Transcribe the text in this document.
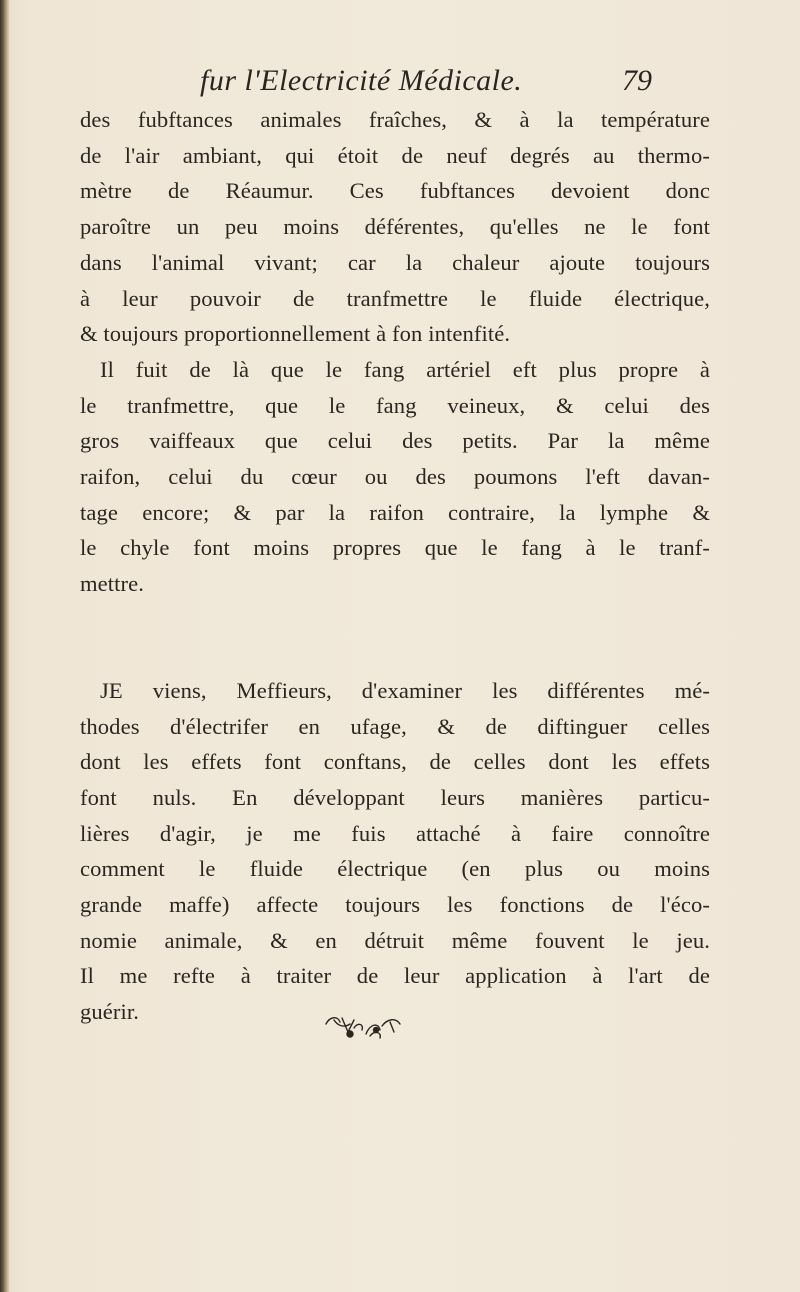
fur l'Electricité Médicale.	79

des fubftances animales fraîches, & à la température
de l'air ambiant, qui étoit de neuf degrés au thermo-
mètre de Réaumur. Ces fubftances devoient donc
paroître un peu moins déférentes, qu'elles ne le font
dans l'animal vivant; car la chaleur ajoute toujours
à leur pouvoir de tranfmettre le fluide électrique,
& toujours proportionnellement à fon intenfité.

Il fuit de là que le fang artériel eft plus propre à
le tranfmettre, que le fang veineux, & celui des
gros vaiffeaux que celui des petits. Par la même
raifon, celui du cœur ou des poumons l'eft davan-
tage encore; & par la raifon contraire, la lymphe &
le chyle font moins propres que le fang à le tranf-
mettre.

JE viens, Meffieurs, d'examiner les différentes mé-
thodes d'électrifer en ufage, & de diftinguer celles
dont les effets font conftans, de celles dont les effets
font nuls. En développant leurs manières particu-
lières d'agir, je me fuis attaché à faire connoître
comment le fluide électrique (en plus ou moins
grande maffe) affecte toujours les fonctions de l'éco-
nomie animale, & en détruit même fouvent le jeu.
Il me refte à traiter de leur application à l'art de
guérir.
